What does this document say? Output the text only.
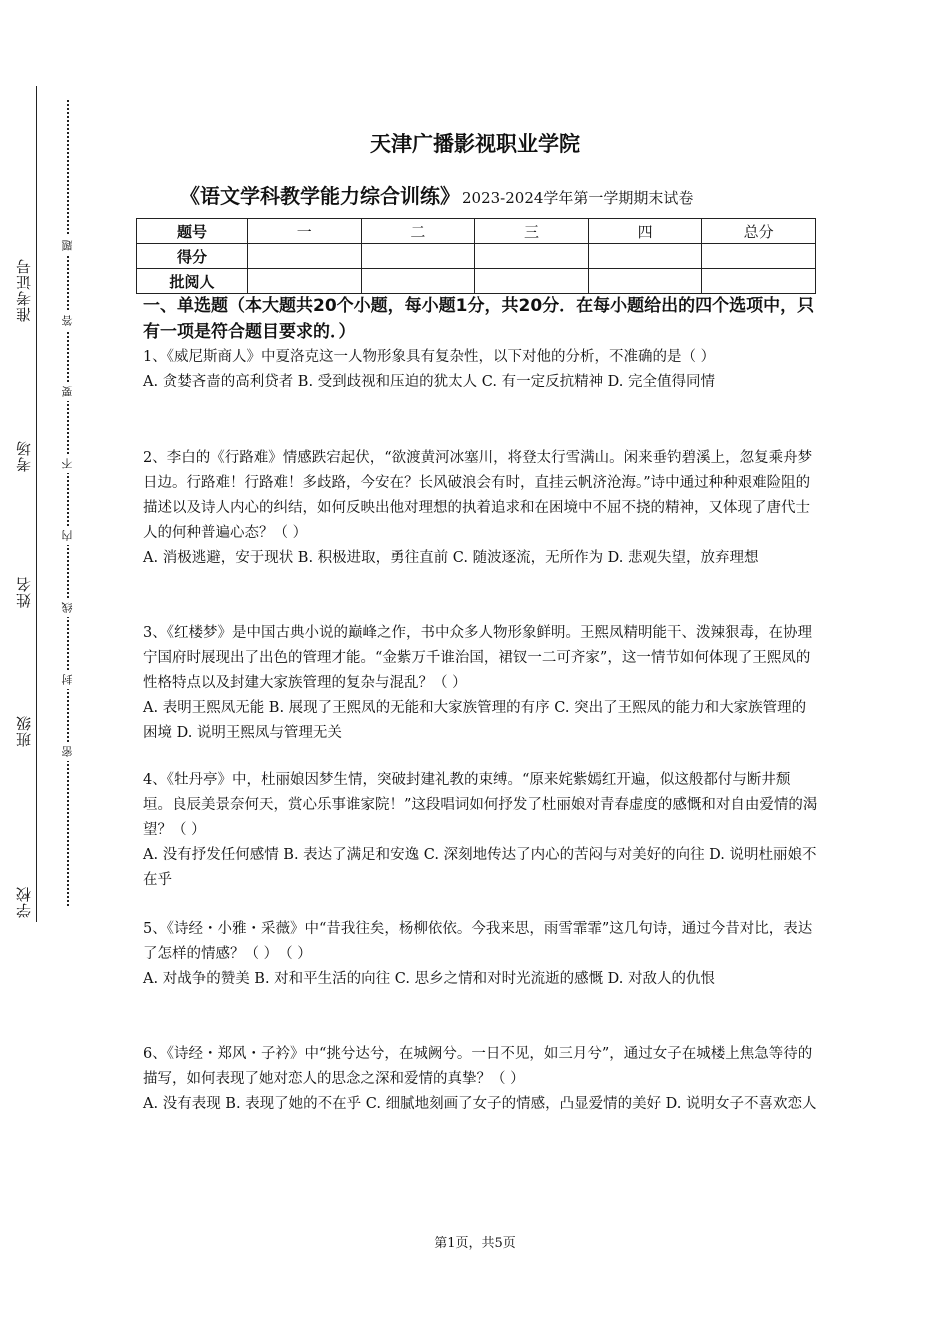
准考证号
考场
姓名
班级
学校
题
答
要
不
内
线
封
密
天津广播影视职业学院
《语文学科教学能力综合训练》 2023-2024学年第一学期期末试卷
题号	一	二	三	四	总分
得分					
批阅人					
一、单选题（本大题共20个小题，每小题1分，共20分．在每小题给出的四个选项中，只有一项是符合题目要求的．）

1、《威尼斯商人》中夏洛克这一人物形象具有复杂性，以下对他的分析，不准确的是（ ）

A. 贪婪吝啬的高利贷者 B. 受到歧视和压迫的犹太人 C. 有一定反抗精神 D. 完全值得同情

2、李白的《行路难》情感跌宕起伏，“欲渡黄河冰塞川，将登太行雪满山。闲来垂钓碧溪上，忽复乘舟梦日边。行路难！行路难！多歧路，今安在？长风破浪会有时，直挂云帆济沧海。”诗中通过种种艰难险阻的描述以及诗人内心的纠结，如何反映出他对理想的执着追求和在困境中不屈不挠的精神，又体现了唐代士人的何种普遍心态？（ ）

A. 消极逃避，安于现状 B. 积极进取，勇往直前 C. 随波逐流，无所作为 D. 悲观失望，放弃理想

3、《红楼梦》是中国古典小说的巅峰之作，书中众多人物形象鲜明。王熙凤精明能干、泼辣狠毒，在协理宁国府时展现出了出色的管理才能。“金紫万千谁治国，裙钗一二可齐家”，这一情节如何体现了王熙凤的性格特点以及封建大家族管理的复杂与混乱？（ ）

A. 表明王熙凤无能 B. 展现了王熙凤的无能和大家族管理的有序 C. 突出了王熙凤的能力和大家族管理的困境 D. 说明王熙凤与管理无关

4、《牡丹亭》中，杜丽娘因梦生情，突破封建礼教的束缚。“原来姹紫嫣红开遍，似这般都付与断井颓垣。良辰美景奈何天，赏心乐事谁家院！”这段唱词如何抒发了杜丽娘对青春虚度的感慨和对自由爱情的渴望？（ ）

A. 没有抒发任何感情 B. 表达了满足和安逸 C. 深刻地传达了内心的苦闷与对美好的向往 D. 说明杜丽娘不在乎

5、《诗经・小雅・采薇》中“昔我往矣，杨柳依依。今我来思，雨雪霏霏”这几句诗，通过今昔对比，表达了怎样的情感？（ ）　（ ）

A. 对战争的赞美 B. 对和平生活的向往 C. 思乡之情和对时光流逝的感慨 D. 对敌人的仇恨

6、《诗经・郑风・子衿》中“挑兮达兮，在城阙兮。一日不见，如三月兮”，通过女子在城楼上焦急等待的描写，如何表现了她对恋人的思念之深和爱情的真挚？（ ）

A. 没有表现 B. 表现了她的不在乎 C. 细腻地刻画了女子的情感，凸显爱情的美好 D. 说明女子不喜欢恋人

第1页，共5页
